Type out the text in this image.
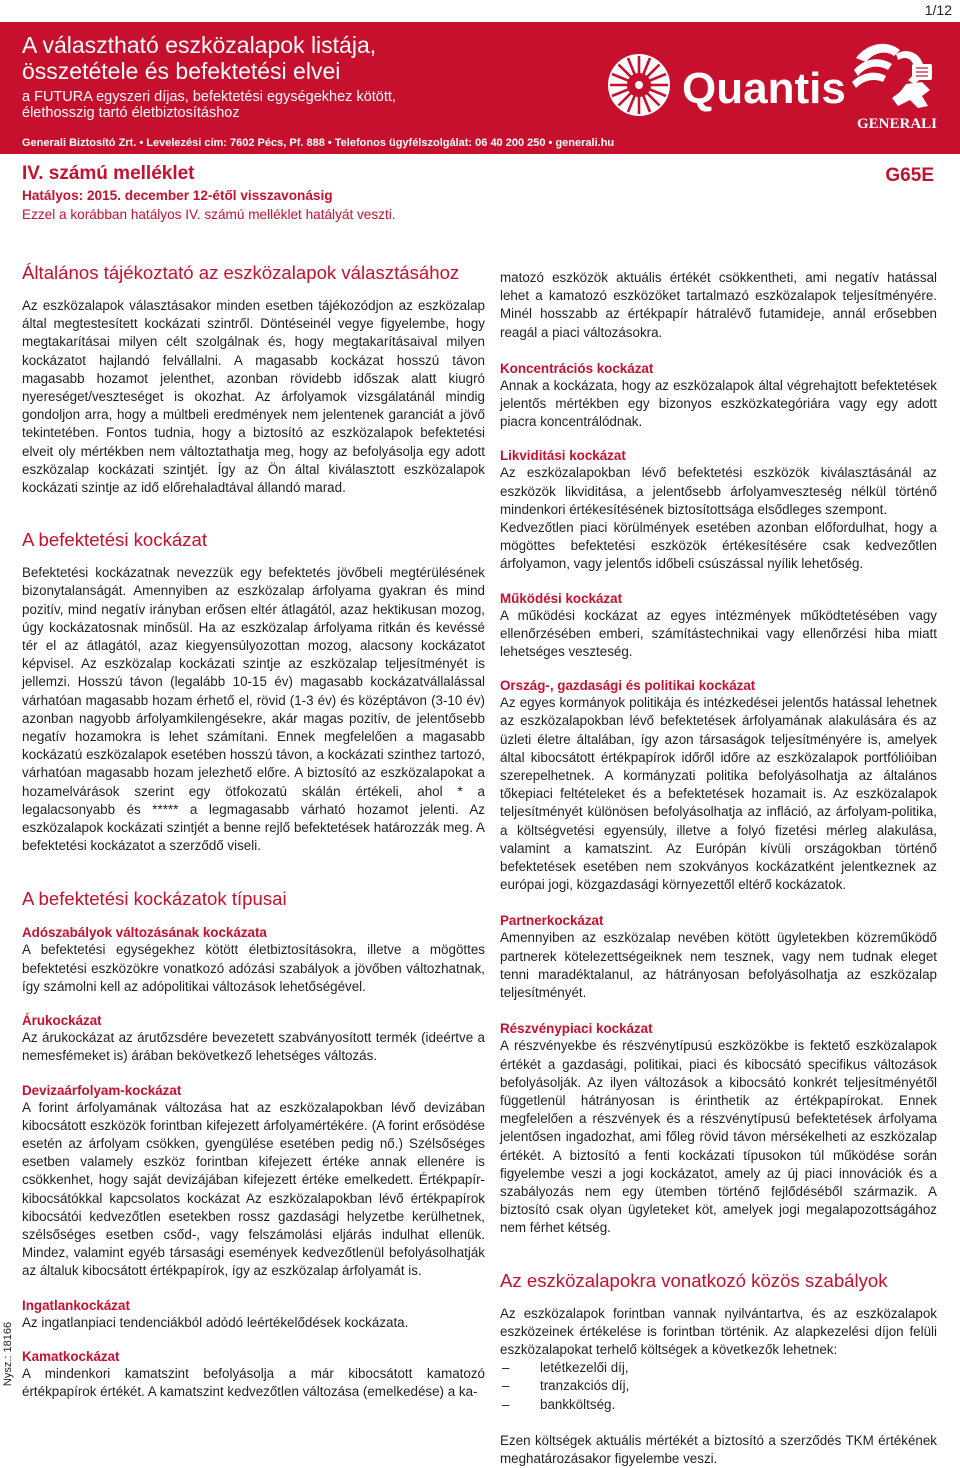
1/12
A választható eszközalapok listája,
összetétele és befektetési elvei
a FUTURA egyszeri díjas, befektetési egységekhez kötött,
élethosszig tartó életbiztosításhoz
Generali Biztosító Zrt. • Levelezési cím: 7602 Pécs, Pf. 888 • Telefonos ügyfélszolgálat: 06 40 200 250 • generali.hu
Quantis
GENERALI
IV. számú melléklet
Hatályos: 2015. december 12-étől visszavonásig
Ezzel a korábban hatályos IV. számú melléklet hatályát veszti.
G65E
Általános tájékoztató az eszközalapok választásához

Az eszközalapok választásakor minden esetben tájékozódjon az eszközalap által megtestesített kockázati szintről. Döntéseinél vegye figyelembe, hogy megtakarításai milyen célt szolgálnak és, hogy megtakarításaival milyen kockázatot hajlandó felvállalni. A magasabb kockázat hosszú távon magasabb hozamot jelenthet, azonban rövidebb időszak alatt kiugró nyereséget/veszteséget is okozhat. Az árfolyamok vizsgálatánál mindig gondoljon arra, hogy a múltbeli eredmények nem jelentenek garanciát a jövő tekintetében. Fontos tudnia, hogy a biztosító az eszközalapok befektetési elveit oly mértékben nem változtathatja meg, hogy az befolyásolja egy adott eszközalap kockázati szintjét. Így az Ön által kiválasztott eszközalapok kockázati szintje az idő előrehaladtával állandó marad.

A befektetési kockázat

Befektetési kockázatnak nevezzük egy befektetés jövőbeli megtérülésének bizonytalanságát. Amennyiben az eszközalap árfolyama gyakran és mind pozitív, mind negatív irányban erősen eltér átlagától, azaz hektikusan mozog, úgy kockázatosnak minősül. Ha az eszközalap árfolyama ritkán és kevéssé tér el az átlagától, azaz kiegyensúlyozottan mozog, alacsony kockázatot képvisel. Az eszközalap kockázati szintje az eszközalap teljesítményét is jellemzi. Hosszú távon (legalább 10-15 év) magasabb kockázatvállalással várhatóan magasabb hozam érhető el, rövid (1-3 év) és középtávon (3-10 év) azonban nagyobb árfolyamkilengésekre, akár magas pozitív, de jelentősebb negatív hozamokra is lehet számítani. Ennek megfelelően a magasabb kockázatú eszközalapok esetében hosszú távon, a kockázati szinthez tartozó, várhatóan magasabb hozam jelezhető előre. A biztosító az eszközalapokat a hozamelvárások szerint egy ötfokozatú skálán értékeli, ahol * a legalacsonyabb és ***** a legmagasabb várható hozamot jelenti. Az eszközalapok kockázati szintjét a benne rejlő befektetések határozzák meg. A befektetési kockázatot a szerződő viseli.

A befektetési kockázatok típusai
Adószabályok változásának kockázata

A befektetési egységekhez kötött életbiztosításokra, illetve a mögöttes befektetési eszközökre vonatkozó adózási szabályok a jövőben változhatnak, így számolni kell az adópolitikai változások lehetőségével.

Árukockázat

Az árukockázat az árutőzsdére bevezetett szabványosított termék (ideértve a nemesfémeket is) árában bekövetkező lehetséges változás.

Devizaárfolyam-kockázat

A forint árfolyamának változása hat az eszközalapokban lévő devizában kibocsátott eszközök forintban kifejezett árfolyamértékére. (A forint erősödése esetén az árfolyam csökken, gyengülése esetében pedig nő.) Szélsőséges esetben valamely eszköz forintban kifejezett értéke annak ellenére is csökkenhet, hogy saját devizájában kifejezett értéke emelkedett. Értékpapír-kibocsátókkal kapcsolatos kockázat Az eszközalapokban lévő értékpapírok kibocsátói kedvezőtlen esetekben rossz gazdasági helyzetbe kerülhetnek, szélsőséges esetben csőd-, vagy felszámolási eljárás indulhat ellenük. Mindez, valamint egyéb társasági események kedvezőtlenül befolyásolhatják az általuk kibocsátott értékpapírok, így az eszközalap árfolyamát is.

Ingatlankockázat

Az ingatlanpiaci tendenciákból adódó leértékelődések kockázata.

Kamatkockázat

A mindenkori kamatszint befolyásolja a már kibocsátott kamatozó értékpapírok értékét. A kamatszint kedvezőtlen változása (emelkedése) a ka-

matozó eszközök aktuális értékét csökkentheti, ami negatív hatással lehet a kamatozó eszközöket tartalmazó eszközalapok teljesítményére. Minél hosszabb az értékpapír hátralévő futamideje, annál erősebben reagál a piaci változásokra.

Koncentrációs kockázat

Annak a kockázata, hogy az eszközalapok által végrehajtott befektetések jelentős mértékben egy bizonyos eszközkategóriára vagy egy adott piacra koncentrálódnak.

Likviditási kockázat

Az eszközalapokban lévő befektetési eszközök kiválasztásánál az eszközök likviditása, a jelentősebb árfolyamveszteség nélkül történő mindenkori értékesítésének biztosítottsága elsődleges szempont.

Kedvezőtlen piaci körülmények esetében azonban előfordulhat, hogy a mögöttes befektetési eszközök értékesítésére csak kedvezőtlen árfolyamon, vagy jelentős időbeli csúszással nyílik lehetőség.

Működési kockázat

A működési kockázat az egyes intézmények működtetésében vagy ellenőrzésében emberi, számítástechnikai vagy ellenőrzési hiba miatt lehetséges veszteség.

Ország-, gazdasági és politikai kockázat

Az egyes kormányok politikája és intézkedései jelentős hatással lehetnek az eszközalapokban lévő befektetések árfolyamának alakulására és az üzleti életre általában, így azon társaságok teljesítményére is, amelyek által kibocsátott értékpapírok időről időre az eszközalapok portfólióiban szerepelhetnek. A kormányzati politika befolyásolhatja az általános tőkepiaci feltételeket és a befektetések hozamait is. Az eszközalapok teljesítményét különösen befolyásolhatja az infláció, az árfolyam-politika, a költségvetési egyensúly, illetve a folyó fizetési mérleg alakulása, valamint a kamatszint. Az Európán kívüli országokban történő befektetések esetében nem szokványos kockázatként jelentkeznek az európai jogi, közgazdasági környezettől eltérő kockázatok.

Partnerkockázat

Amennyiben az eszközalap nevében kötött ügyletekben közreműködő partnerek kötelezettségeiknek nem tesznek, vagy nem tudnak eleget tenni maradéktalanul, az hátrányosan befolyásolhatja az eszközalap teljesítményét.

Részvénypiaci kockázat

A részvényekbe és részvénytípusú eszközökbe is fektető eszközalapok értékét a gazdasági, politikai, piaci és kibocsátó specifikus változások befolyásolják. Az ilyen változások a kibocsátó konkrét teljesítményétől függetlenül hátrányosan is érinthetik az értékpapírokat. Ennek megfelelően a részvények és a részvénytípusú befektetések árfolyama jelentősen ingadozhat, ami főleg rövid távon mérsékelheti az eszközalap értékét. A biztosító a fenti kockázati típusokon túl működése során figyelembe veszi a jogi kockázatot, amely az új piaci innovációk és a szabályozás nem egy ütemben történő fejlődéséből származik. A biztosító csak olyan ügyleteket köt, amelyek jogi megalapozottságához nem férhet kétség.

Az eszközalapokra vonatkozó közös szabályok

Az eszközalapok forintban vannak nyilvántartva, és az eszközalapok eszközeinek értékelése is forintban történik. Az alapkezelési díjon felüli eszközalapokat terhelő költségek a következők lehetnek:

– letétkezelői díj,
– tranzakciós díj,
– bankköltség.

Ezen költségek aktuális mértékét a biztosító a szerződés TKM értékének meghatározásakor figyelembe veszi.

Nysz.: 18166
